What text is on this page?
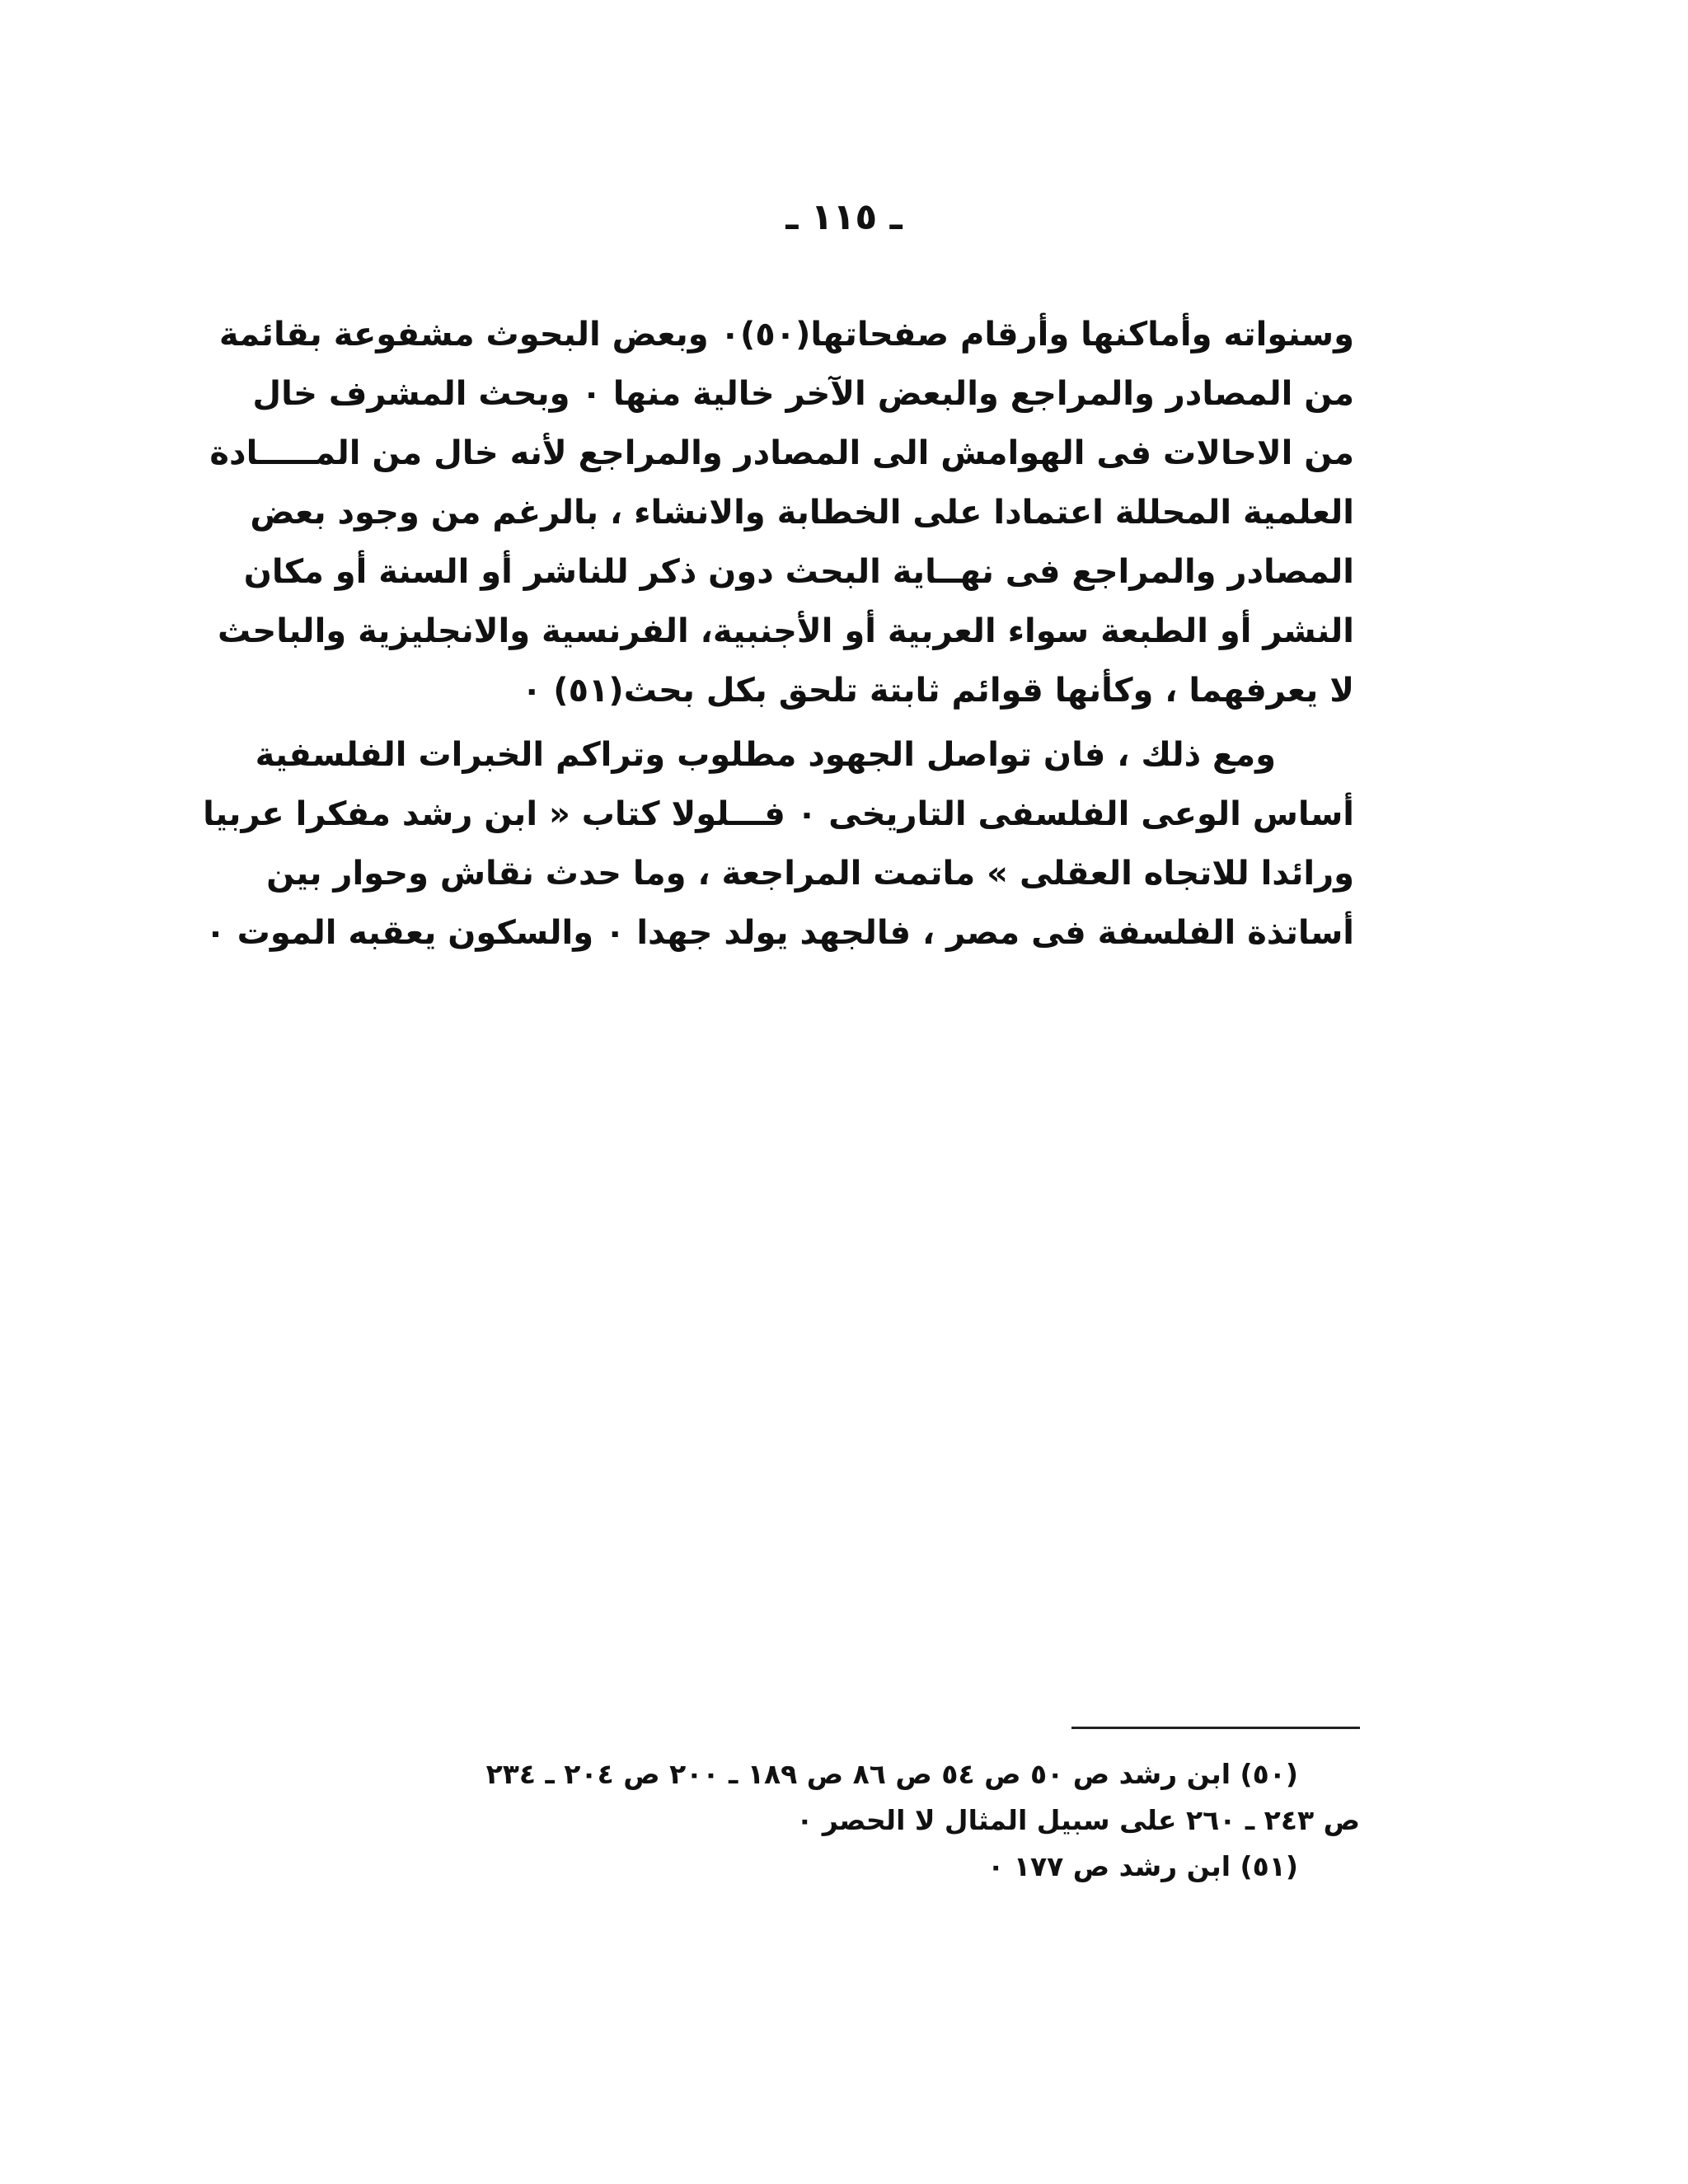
ـ ١١٥ ـ
وسنواته وأماكنها وأرقام صفحاتها(٥٠)٠ وبعض البحوث مشفوعة بقائمة
من المصادر والمراجع والبعض الآخر خالية منها ٠ وبحث المشرف خال
من الاحالات فى الهوامش الى المصادر والمراجع لأنه خال من المـــــادة
العلمية المحللة اعتمادا على الخطابة والانشاء ، بالرغم من وجود بعض
المصادر والمراجع فى نهــاية البحث دون ذكر للناشر أو السنة أو مكان
النشر أو الطبعة سواء العربية أو الأجنبية، الفرنسية والانجليزية والباحث
لا يعرفهما ، وكأنها قوائم ثابتة تلحق بكل بحث(٥١) ٠
ومع ذلك ، فان تواصل الجهود مطلوب وتراكم الخبرات الفلسفية
أساس الوعى الفلسفى التاريخى ٠ فـــلولا كتاب « ابن رشد مفكرا عربيا
ورائدا للاتجاه العقلى » ماتمت المراجعة ، وما حدث نقاش وحوار بين
أساتذة الفلسفة فى مصر ، فالجهد يولد جهدا ٠ والسكون يعقبه الموت ٠
(٥٠) ابن رشد ص ٥٠ ص ٥٤ ص ٨٦ ص ١٨٩ ـ ٢٠٠ ص ٢٠٤ ـ ٢٣٤
ص ٢٤٣ ـ ٢٦٠ على سبيل المثال لا الحصر ٠
(٥١) ابن رشد ص ١٧٧ ٠
